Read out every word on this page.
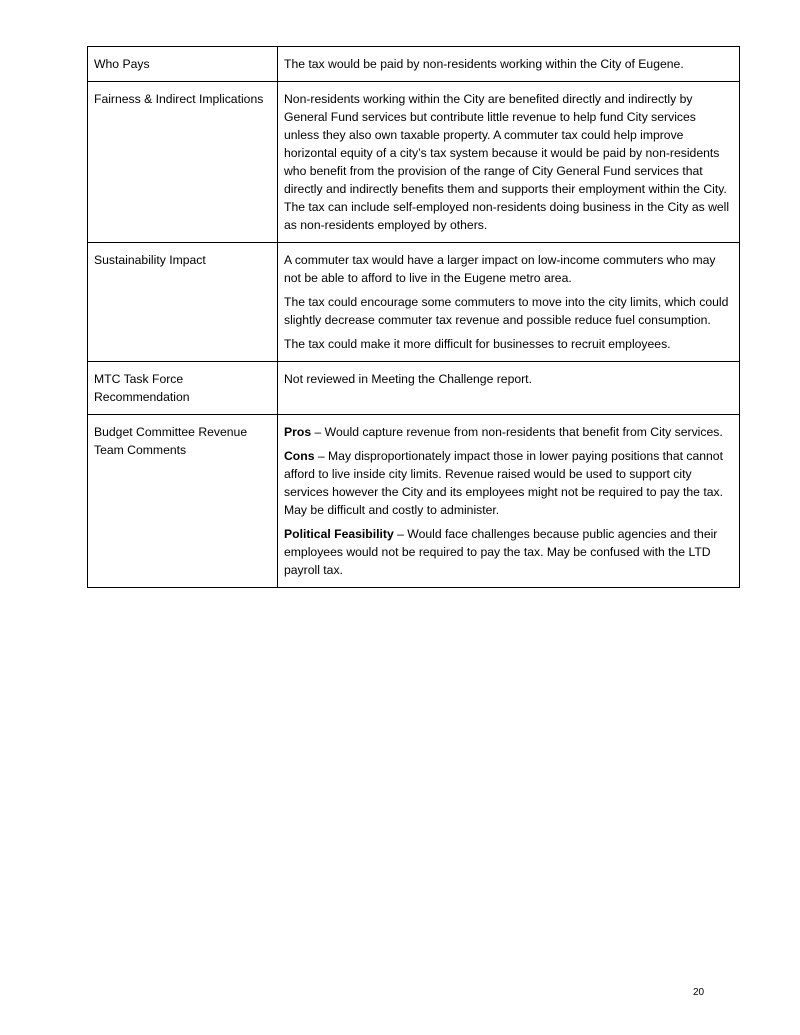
Who Pays	The tax would be paid by non-residents working within the City of Eugene.

Fairness & Indirect Implications	Non-residents working within the City are benefited directly and indirectly by General Fund services but contribute little revenue to help fund City services unless they also own taxable property. A commuter tax could help improve horizontal equity of a city’s tax system because it would be paid by non-residents who benefit from the provision of the range of City General Fund services that directly and indirectly benefits them and supports their employment within the City. The tax can include self-employed non-residents doing business in the City as well as non-residents employed by others.

Sustainability Impact	A commuter tax would have a larger impact on low-income commuters who may not be able to afford to live in the Eugene metro area.

The tax could encourage some commuters to move into the city limits, which could slightly decrease commuter tax revenue and possible reduce fuel consumption.

The tax could make it more difficult for businesses to recruit employees.

MTC Task Force Recommendation	Not reviewed in Meeting the Challenge report.

Budget Committee Revenue Team Comments	Pros – Would capture revenue from non-residents that benefit from City services.

Cons – May disproportionately impact those in lower paying positions that cannot afford to live inside city limits. Revenue raised would be used to support city services however the City and its employees might not be required to pay the tax. May be difficult and costly to administer.

Political Feasibility – Would face challenges because public agencies and their employees would not be required to pay the tax. May be confused with the LTD payroll tax.

20
